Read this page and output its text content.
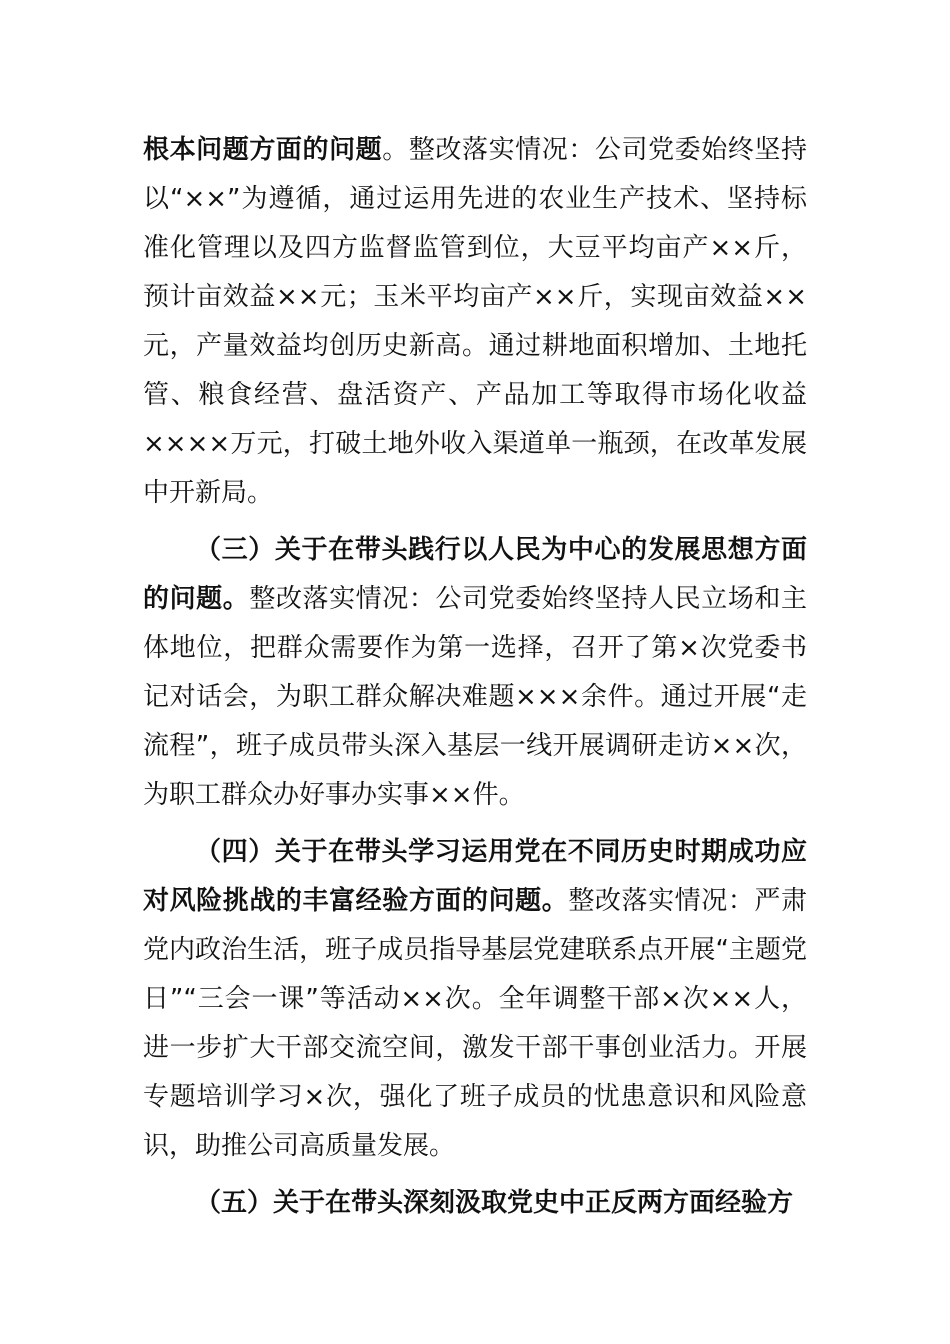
根本问题方面的问题。整改落实情况：公司党委始终坚持以“××”为遵循，通过运用先进的农业生产技术、坚持标准化管理以及四方监督监管到位，大豆平均亩产××斤，预计亩效益××元；玉米平均亩产××斤，实现亩效益××元，产量效益均创历史新高。通过耕地面积增加、土地托管、粮食经营、盘活资产、产品加工等取得市场化收益××××万元，打破土地外收入渠道单一瓶颈，在改革发展中开新局。

（三）关于在带头践行以人民为中心的发展思想方面的问题。整改落实情况：公司党委始终坚持人民立场和主体地位，把群众需要作为第一选择，召开了第×次党委书记对话会，为职工群众解决难题×××余件。通过开展“走流程”，班子成员带头深入基层一线开展调研走访××次，为职工群众办好事办实事××件。

（四）关于在带头学习运用党在不同历史时期成功应对风险挑战的丰富经验方面的问题。整改落实情况：严肃党内政治生活，班子成员指导基层党建联系点开展“主题党日”“三会一课”等活动××次。全年调整干部×次××人，进一步扩大干部交流空间，激发干部干事创业活力。开展专题培训学习×次，强化了班子成员的忧患意识和风险意识，助推公司高质量发展。

（五）关于在带头深刻汲取党史中正反两方面经验方
